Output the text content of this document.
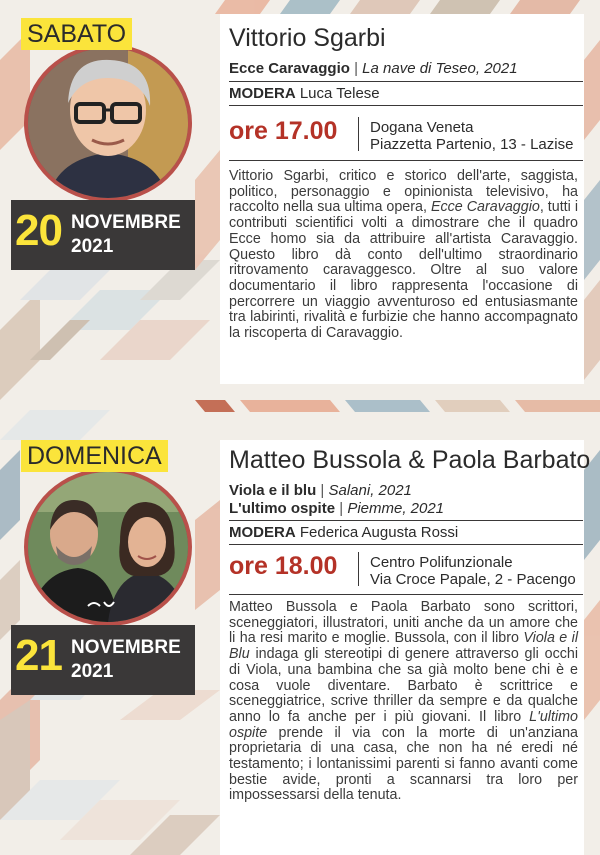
SABATO
20 NOVEMBRE
2021
Vittorio Sgarbi
Ecce Caravaggio | La nave di Teseo, 2021
MODERA Luca Telese
ore 17.00 Dogana Veneta
Piazzetta Partenio, 13 - Lazise

Vittorio Sgarbi, critico e storico dell'arte, saggista, politico, personaggio e opinionista televisivo, ha raccolto nella sua ultima opera, Ecce Caravaggio, tutti i contributi scientifici volti a dimostrare che il quadro Ecce homo sia da attribuire all'artista Caravaggio. Questo libro dà conto dell'ultimo straordinario ritrovamento caravaggesco. Oltre al suo valore documentario il libro rappresenta l'occasione di percorrere un viaggio avventuroso ed entusiasmante tra labirinti, rivalità e furbizie che hanno accompagnato la riscoperta di Caravaggio.

DOMENICA
21 NOVEMBRE
2021
Matteo Bussola & Paola Barbato
Viola e il blu | Salani, 2021
L'ultimo ospite | Piemme, 2021
MODERA Federica Augusta Rossi
ore 18.00 Centro Polifunzionale
Via Croce Papale, 2 - Pacengo

Matteo Bussola e Paola Barbato sono scrittori, sceneggiatori, illustratori, uniti anche da un amore che li ha resi marito e moglie. Bussola, con il libro Viola e il Blu indaga gli stereotipi di genere attraverso gli occhi di Viola, una bambina che sa già molto bene chi è e cosa vuole diventare. Barbato è scrittrice e sceneggiatrice, scrive thriller da sempre e da qualche anno lo fa anche per i più giovani. Il libro L'ultimo ospite prende il via con la morte di un'anziana proprietaria di una casa, che non ha né eredi né testamento; i lontanissimi parenti si fanno avanti come bestie avide, pronti a scannarsi tra loro per impossessarsi della tenuta.
